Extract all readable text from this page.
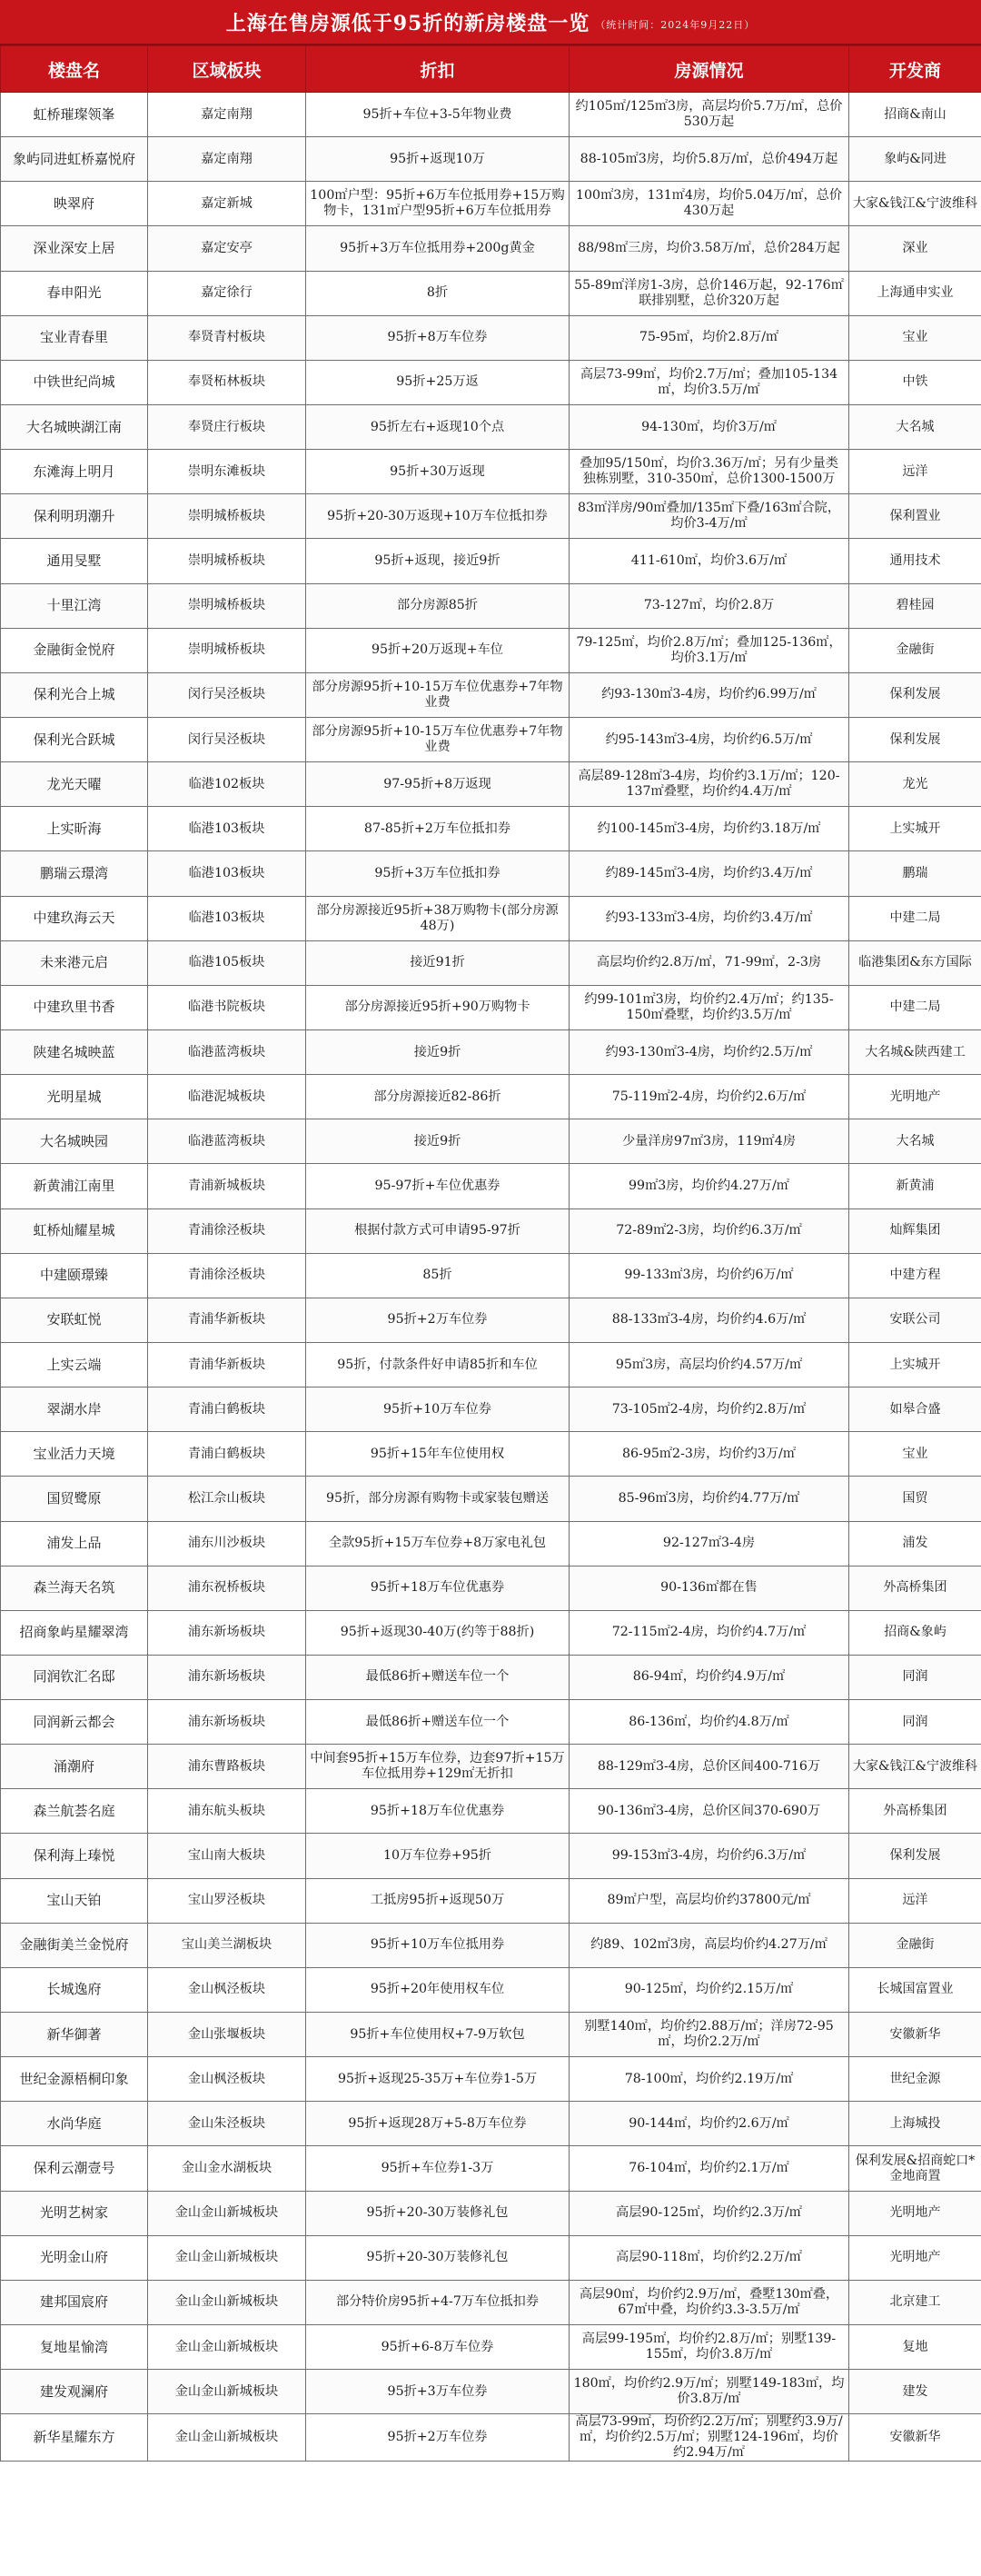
上海在售房源低于95折的新房楼盘一览 （统计时间：2024年9月22日）
楼盘名	区域板块	折扣	房源情况	开发商
虹桥璀璨领峯	嘉定南翔	95折+车位+3-5年物业费	约105㎡/125㎡3房，高层均价5.7万/㎡，总价530万起	招商&南山
象屿同进虹桥嘉悦府	嘉定南翔	95折+返现10万	88-105㎡3房，均价5.8万/㎡，总价494万起	象屿&同进
映翠府	嘉定新城	100㎡户型：95折+6万车位抵用券+15万购物卡，131㎡户型95折+6万车位抵用券	100㎡3房，131㎡4房，均价5.04万/㎡，总价430万起	大家&钱江&宁波维科
深业深安上居	嘉定安亭	95折+3万车位抵用券+200g黄金	88/98㎡三房，均价3.58万/㎡，总价284万起	深业
春申阳光	嘉定徐行	8折	55-89㎡洋房1-3房，总价146万起，92-176㎡联排别墅，总价320万起	上海通申实业
宝业青春里	奉贤青村板块	95折+8万车位券	75-95㎡，均价2.8万/㎡	宝业
中铁世纪尚城	奉贤柘林板块	95折+25万返	高层73-99㎡，均价2.7万/㎡；叠加105-134㎡，均价3.5万/㎡	中铁
大名城映湖江南	奉贤庄行板块	95折左右+返现10个点	94-130㎡，均价3万/㎡	大名城
东滩海上明月	崇明东滩板块	95折+30万返现	叠加95/150㎡，均价3.36万/㎡；另有少量类独栋别墅，310-350㎡，总价1300-1500万	远洋
保利明玥潮升	崇明城桥板块	95折+20-30万返现+10万车位抵扣券	83㎡洋房/90㎡叠加/135㎡下叠/163㎡合院，均价3-4万/㎡	保利置业
通用旻墅	崇明城桥板块	95折+返现，接近9折	411-610㎡，均价3.6万/㎡	通用技术
十里江湾	崇明城桥板块	部分房源85折	73-127㎡，均价2.8万	碧桂园
金融街金悦府	崇明城桥板块	95折+20万返现+车位	79-125㎡，均价2.8万/㎡；叠加125-136㎡，均价3.1万/㎡	金融街
保利光合上城	闵行吴泾板块	部分房源95折+10-15万车位优惠券+7年物业费	约93-130㎡3-4房，均价约6.99万/㎡	保利发展
保利光合跃城	闵行吴泾板块	部分房源95折+10-15万车位优惠券+7年物业费	约95-143㎡3-4房，均价约6.5万/㎡	保利发展
龙光天曜	临港102板块	97-95折+8万返现	高层89-128㎡3-4房，均价约3.1万/㎡；120-137㎡叠墅，均价约4.4万/㎡	龙光
上实昕海	临港103板块	87-85折+2万车位抵扣券	约100-145㎡3-4房，均价约3.18万/㎡	上实城开
鹏瑞云璟湾	临港103板块	95折+3万车位抵扣券	约89-145㎡3-4房，均价约3.4万/㎡	鹏瑞
中建玖海云天	临港103板块	部分房源接近95折+38万购物卡(部分房源48万)	约93-133㎡3-4房，均价约3.4万/㎡	中建二局
未来港元启	临港105板块	接近91折	高层均价约2.8万/㎡，71-99㎡，2-3房	临港集团&东方国际
中建玖里书香	临港书院板块	部分房源接近95折+90万购物卡	约99-101㎡3房，均价约2.4万/㎡；约135-150㎡叠墅，均价约3.5万/㎡	中建二局
陕建名城映蓝	临港蓝湾板块	接近9折	约93-130㎡3-4房，均价约2.5万/㎡	大名城&陕西建工
光明星城	临港泥城板块	部分房源接近82-86折	75-119㎡2-4房，均价约2.6万/㎡	光明地产
大名城映园	临港蓝湾板块	接近9折	少量洋房97㎡3房，119㎡4房	大名城
新黄浦江南里	青浦新城板块	95-97折+车位优惠券	99㎡3房，均价约4.27万/㎡	新黄浦
虹桥灿耀星城	青浦徐泾板块	根据付款方式可申请95-97折	72-89㎡2-3房，均价约6.3万/㎡	灿辉集团
中建颐璟臻	青浦徐泾板块	85折	99-133㎡3房，均价约6万/㎡	中建方程
安联虹悦	青浦华新板块	95折+2万车位券	88-133㎡3-4房，均价约4.6万/㎡	安联公司
上实云端	青浦华新板块	95折，付款条件好申请85折和车位	95㎡3房，高层均价约4.57万/㎡	上实城开
翠湖水岸	青浦白鹤板块	95折+10万车位券	73-105㎡2-4房，均价约2.8万/㎡	如皋合盛
宝业活力天境	青浦白鹤板块	95折+15年车位使用权	86-95㎡2-3房，均价约3万/㎡	宝业
国贸鹭原	松江佘山板块	95折，部分房源有购物卡或家装包赠送	85-96㎡3房，均价约4.77万/㎡	国贸
浦发上品	浦东川沙板块	全款95折+15万车位券+8万家电礼包	92-127㎡3-4房	浦发
森兰海天名筑	浦东祝桥板块	95折+18万车位优惠券	90-136㎡都在售	外高桥集团
招商象屿星耀翠湾	浦东新场板块	95折+返现30-40万(约等于88折)	72-115㎡2-4房，均价约4.7万/㎡	招商&象屿
同润钦汇名邸	浦东新场板块	最低86折+赠送车位一个	86-94㎡，均价约4.9万/㎡	同润
同润新云都会	浦东新场板块	最低86折+赠送车位一个	86-136㎡，均价约4.8万/㎡	同润
涌潮府	浦东曹路板块	中间套95折+15万车位券，边套97折+15万车位抵用券+129㎡无折扣	88-129㎡3-4房，总价区间400-716万	大家&钱江&宁波维科
森兰航荟名庭	浦东航头板块	95折+18万车位优惠券	90-136㎡3-4房，总价区间370-690万	外高桥集团
保利海上瑧悦	宝山南大板块	10万车位券+95折	99-153㎡3-4房，均价约6.3万/㎡	保利发展
宝山天铂	宝山罗泾板块	工抵房95折+返现50万	89㎡户型，高层均价约37800元/㎡	远洋
金融街美兰金悦府	宝山美兰湖板块	95折+10万车位抵用券	约89、102㎡3房，高层均价约4.27万/㎡	金融街
长城逸府	金山枫泾板块	95折+20年使用权车位	90-125㎡，均价约2.15万/㎡	长城国富置业
新华御著	金山张堰板块	95折+车位使用权+7-9万软包	别墅140㎡，均价约2.88万/㎡；洋房72-95㎡，均价2.2万/㎡	安徽新华
世纪金源梧桐印象	金山枫泾板块	95折+返现25-35万+车位券1-5万	78-100㎡，均价约2.19万/㎡	世纪金源
水尚华庭	金山朱泾板块	95折+返现28万+5-8万车位券	90-144㎡，均价约2.6万/㎡	上海城投
保利云潮壹号	金山金水湖板块	95折+车位券1-3万	76-104㎡，均价约2.1万/㎡	保利发展&招商蛇口*金地商置
光明艺树家	金山金山新城板块	95折+20-30万装修礼包	高层90-125㎡，均价约2.3万/㎡	光明地产
光明金山府	金山金山新城板块	95折+20-30万装修礼包	高层90-118㎡，均价约2.2万/㎡	光明地产
建邦国宸府	金山金山新城板块	部分特价房95折+4-7万车位抵扣券	高层90㎡，均价约2.9万/㎡，叠墅130㎡叠，67㎡中叠，均价约3.3-3.5万/㎡	北京建工
复地星愉湾	金山金山新城板块	95折+6-8万车位券	高层99-195㎡，均价约2.8万/㎡；别墅139-155㎡，均价3.8万/㎡	复地
建发观澜府	金山金山新城板块	95折+3万车位券	180㎡，均价约2.9万/㎡；别墅149-183㎡，均价3.8万/㎡	建发
新华星耀东方	金山金山新城板块	95折+2万车位券	高层73-99㎡，均价约2.2万/㎡；别墅约3.9万/㎡，均价约2.5万/㎡；别墅124-196㎡，均价约2.94万/㎡	安徽新华
